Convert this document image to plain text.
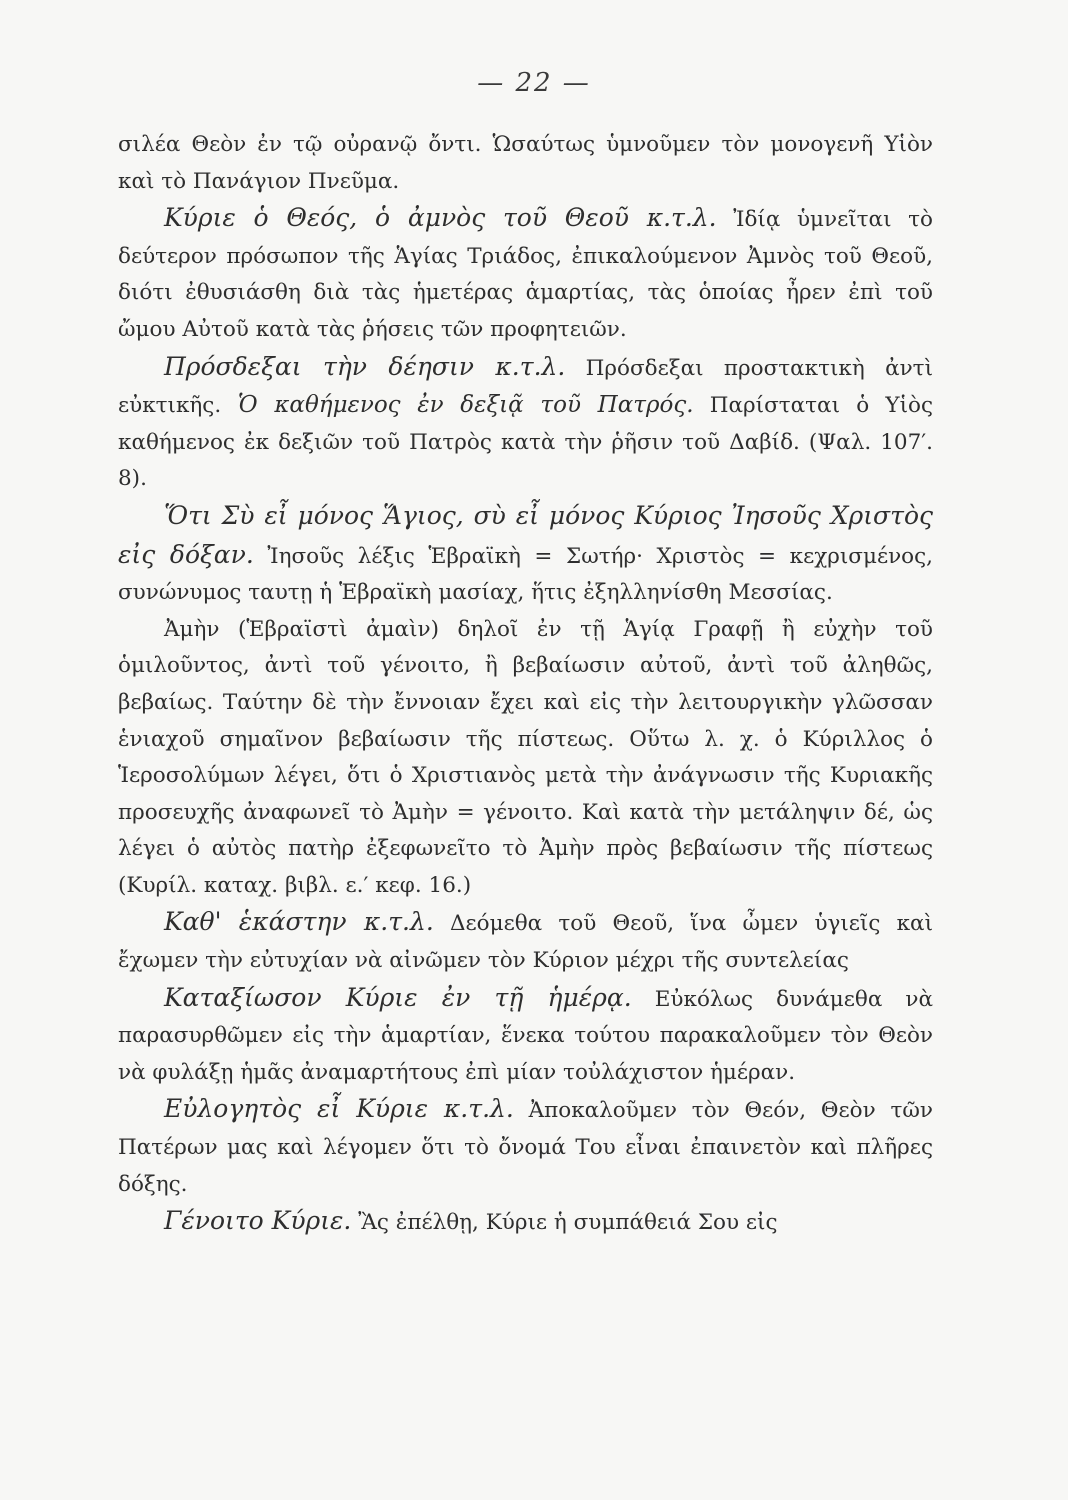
— 22 —

σιλέα Θεὸν ἐν τῷ οὐρανῷ ὄντι. Ὡσαύτως ὑμνοῦμεν τὸν μονογενῆ Υἱὸν καὶ τὸ Πανάγιον Πνεῦμα.

Κύριε ὁ Θεός, ὁ ἀμνὸς τοῦ Θεοῦ κ.τ.λ. Ἰδίᾳ ὑμνεῖται τὸ δεύτερον πρόσωπον τῆς Ἁγίας Τριάδος, ἐπικαλούμενον Ἀμνὸς τοῦ Θεοῦ, διότι ἐθυσιάσθη διὰ τὰς ἡμετέρας ἁμαρτίας, τὰς ὁποίας ἦρεν ἐπὶ τοῦ ὤμου Αὐτοῦ κατὰ τὰς ῥήσεις τῶν προφητειῶν.

Πρόσδεξαι τὴν δέησιν κ.τ.λ. Πρόσδεξαι προστακτικὴ ἀντὶ εὐκτικῆς. Ὁ καθήμενος ἐν δεξιᾷ τοῦ Πατρός. Παρίσταται ὁ Υἱὸς καθήμενος ἐκ δεξιῶν τοῦ Πατρὸς κατὰ τὴν ῥῆσιν τοῦ Δαβίδ. (Ψαλ. 107′. 8).

Ὅτι Σὺ εἶ μόνος Ἅγιος, σὺ εἶ μόνος Κύριος Ἰησοῦς Χριστὸς εἰς δόξαν. Ἰησοῦς λέξις Ἑβραϊκὴ = Σωτήρ· Χριστὸς = κεχρισμένος, συνώνυμος ταυτῃ ἡ Ἑβραϊκὴ μασίαχ, ἥτις ἐξηλληνίσθη Μεσσίας.

Ἀμὴν (Ἑβραϊστὶ ἀμαὶν) δηλοῖ ἐν τῇ Ἁγίᾳ Γραφῇ ἢ εὐχὴν τοῦ ὁμιλοῦντος, ἀντὶ τοῦ γένοιτο, ἢ βεβαίωσιν αὐτοῦ, ἀντὶ τοῦ ἀληθῶς, βεβαίως. Ταύτην δὲ τὴν ἔννοιαν ἔχει καὶ εἰς τὴν λειτουργικὴν γλῶσσαν ἑνιαχοῦ σημαῖνον βεβαίωσιν τῆς πίστεως. Οὕτω λ. χ. ὁ Κύριλλος ὁ Ἱεροσολύμων λέγει, ὅτι ὁ Χριστιανὸς μετὰ τὴν ἀνάγνωσιν τῆς Κυριακῆς προσευχῆς ἀναφωνεῖ τὸ Ἀμὴν = γένοιτο. Καὶ κατὰ τὴν μετάληψιν δέ, ὡς λέγει ὁ αὐτὸς πατὴρ ἐξεφωνεῖτο τὸ Ἀμὴν πρὸς βεβαίωσιν τῆς πίστεως (Κυρίλ. καταχ. βιβλ. ε.′ κεφ. 16.)

Καθ' ἑκάστην κ.τ.λ. Δεόμεθα τοῦ Θεοῦ, ἵνα ὦμεν ὑγιεῖς καὶ ἔχωμεν τὴν εὐτυχίαν νὰ αἰνῶμεν τὸν Κύριον μέχρι τῆς συντελείας

Καταξίωσον Κύριε ἐν τῇ ἡμέρᾳ. Εὐκόλως δυνάμεθα νὰ παρασυρθῶμεν εἰς τὴν ἁμαρτίαν, ἕνεκα τούτου παρακαλοῦμεν τὸν Θεὸν νὰ φυλάξῃ ἡμᾶς ἀναμαρτήτους ἐπὶ μίαν τοὐλάχιστον ἡμέραν.

Εὐλογητὸς εἶ Κύριε κ.τ.λ. Ἀποκαλοῦμεν τὸν Θεόν, Θεὸν τῶν Πατέρων μας καὶ λέγομεν ὅτι τὸ ὄνομά Του εἶναι ἐπαινετὸν καὶ πλῆρες δόξης.

Γένοιτο Κύριε. Ἂς ἐπέλθῃ, Κύριε ἡ συμπάθειά Σου εἰς
